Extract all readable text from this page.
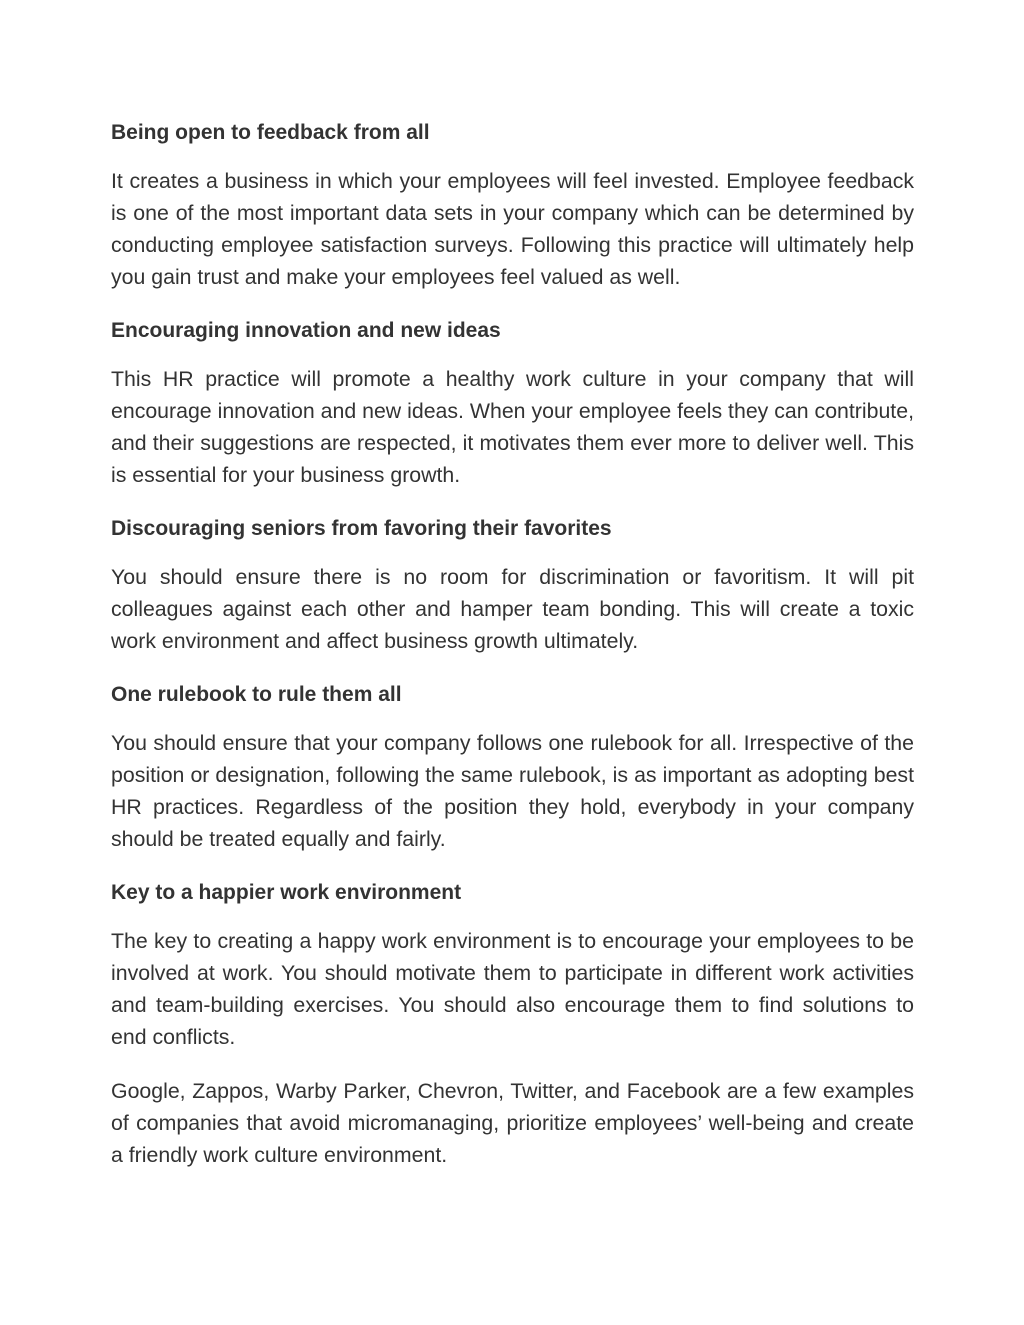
Being open to feedback from all
It creates a business in which your employees will feel invested. Employee feedback is one of the most important data sets in your company which can be determined by conducting employee satisfaction surveys. Following this practice will ultimately help you gain trust and make your employees feel valued as well.
Encouraging innovation and new ideas
This HR practice will promote a healthy work culture in your company that will encourage innovation and new ideas. When your employee feels they can contribute, and their suggestions are respected, it motivates them ever more to deliver well. This is essential for your business growth.
Discouraging seniors from favoring their favorites
You should ensure there is no room for discrimination or favoritism. It will pit colleagues against each other and hamper team bonding. This will create a toxic work environment and affect business growth ultimately.
One rulebook to rule them all
You should ensure that your company follows one rulebook for all. Irrespective of the position or designation, following the same rulebook, is as important as adopting best HR practices. Regardless of the position they hold, everybody in your company should be treated equally and fairly.
Key to a happier work environment
The key to creating a happy work environment is to encourage your employees to be involved at work. You should motivate them to participate in different work activities and team-building exercises. You should also encourage them to find solutions to end conflicts.
Google, Zappos, Warby Parker, Chevron, Twitter, and Facebook are a few examples of companies that avoid micromanaging, prioritize employees’ well-being and create a friendly work culture environment.
